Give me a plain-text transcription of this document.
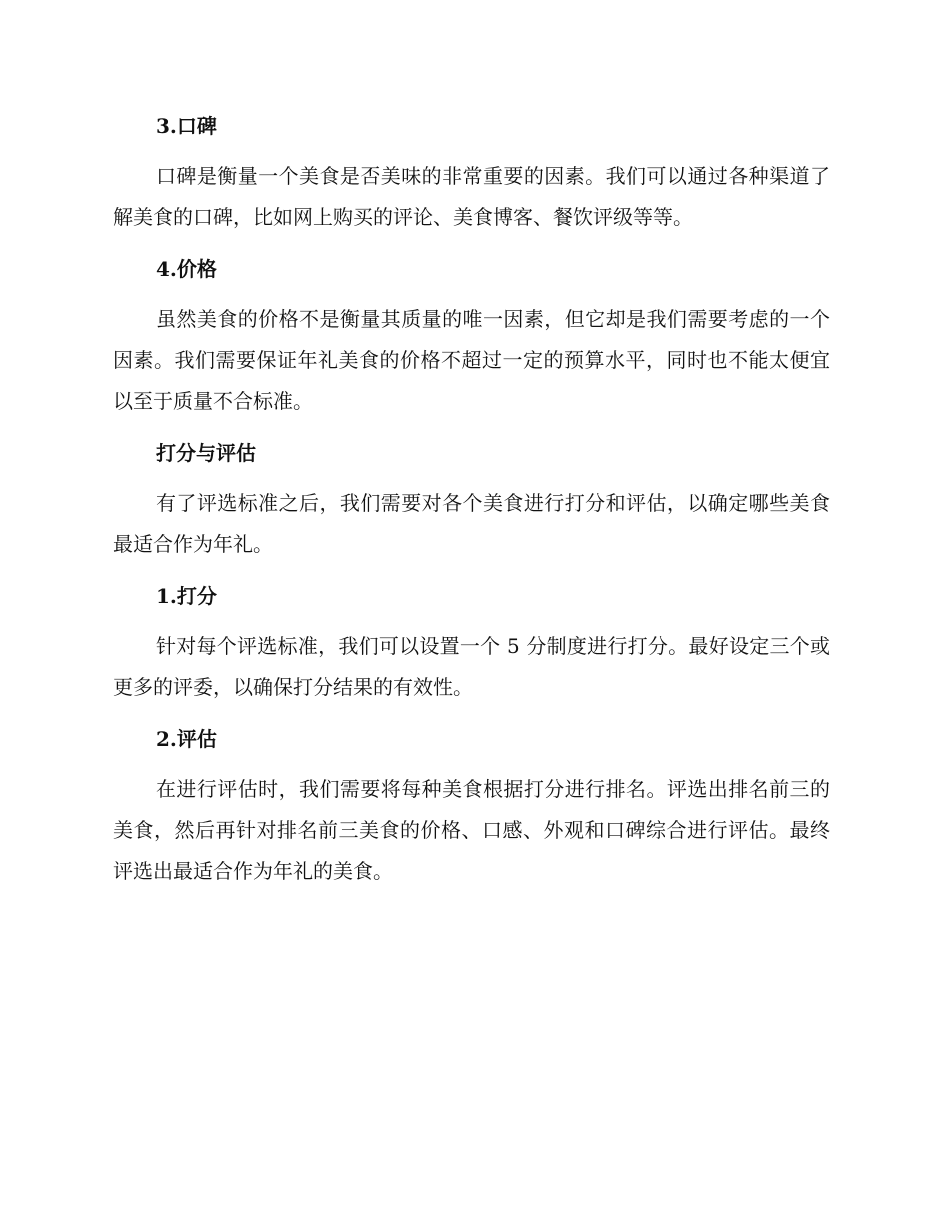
3.口碑

口碑是衡量一个美食是否美味的非常重要的因素。我们可以通过各种渠道了解美食的口碑，比如网上购买的评论、美食博客、餐饮评级等等。

4.价格

虽然美食的价格不是衡量其质量的唯一因素，但它却是我们需要考虑的一个因素。我们需要保证年礼美食的价格不超过一定的预算水平，同时也不能太便宜以至于质量不合标准。

打分与评估

有了评选标准之后，我们需要对各个美食进行打分和评估，以确定哪些美食最适合作为年礼。

1.打分

针对每个评选标准，我们可以设置一个 5 分制度进行打分。最好设定三个或更多的评委，以确保打分结果的有效性。

2.评估

在进行评估时，我们需要将每种美食根据打分进行排名。评选出排名前三的美食，然后再针对排名前三美食的价格、口感、外观和口碑综合进行评估。最终评选出最适合作为年礼的美食。
